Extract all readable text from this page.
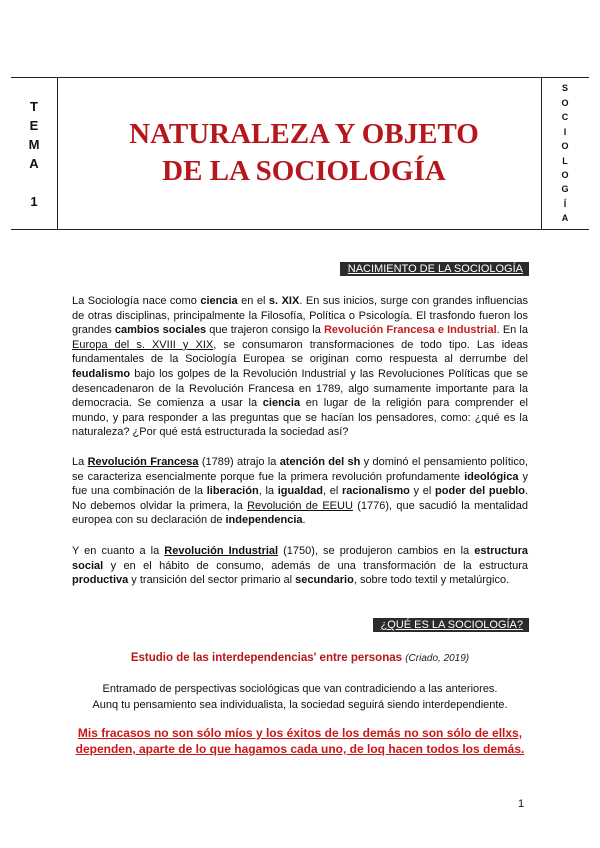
T
E
M
A
1
NATURALEZA Y OBJETO
DE LA SOCIOLOGÍA
S
O
C
I
O
L
O
G
Í
A
NACIMIENTO DE LA SOCIOLOGÍA

La Sociología nace como ciencia en el s. XIX. En sus inicios, surge con grandes influencias de otras disciplinas, principalmente la Filosofía, Política o Psicología. El trasfondo fueron los grandes cambios sociales que trajeron consigo la Revolución Francesa e Industrial. En la Europa del s. XVIII y XIX, se consumaron transformaciones de todo tipo. Las ideas fundamentales de la Sociología Europea se originan como respuesta al derrumbe del feudalismo bajo los golpes de la Revolución Industrial y las Revoluciones Políticas que se desencadenaron de la Revolución Francesa en 1789, algo sumamente importante para la democracia. Se comienza a usar la ciencia en lugar de la religión para comprender el mundo, y para responder a las preguntas que se hacían los pensadores, como: ¿qué es la naturaleza? ¿Por qué está estructurada la sociedad así?

La Revolución Francesa (1789) atrajo la atención del sh y dominó el pensamiento político, se caracteriza esencialmente porque fue la primera revolución profundamente ideológica y fue una combinación de la liberación, la igualdad, el racionalismo y el poder del pueblo. No debemos olvidar la primera, la Revolución de EEUU (1776), que sacudió la mentalidad europea con su declaración de independencia.

Y en cuanto a la Revolución Industrial (1750), se produjeron cambios en la estructura social y en el hábito de consumo, además de una transformación de la estructura productiva y transición del sector primario al secundario, sobre todo textil y metalúrgico.

¿QUÉ ES LA SOCIOLOGÍA?

Estudio de las interdependencias' entre personas (Criado, 2019)

Entramado de perspectivas sociológicas que van contradiciendo a las anteriores.
Aunq tu pensamiento sea individualista, la sociedad seguirá siendo interdependiente.

Mis fracasos no son sólo míos y los éxitos de los demás no son sólo de ellxs,
dependen, aparte de lo que hagamos cada uno, de loq hacen todos los demás.

1
